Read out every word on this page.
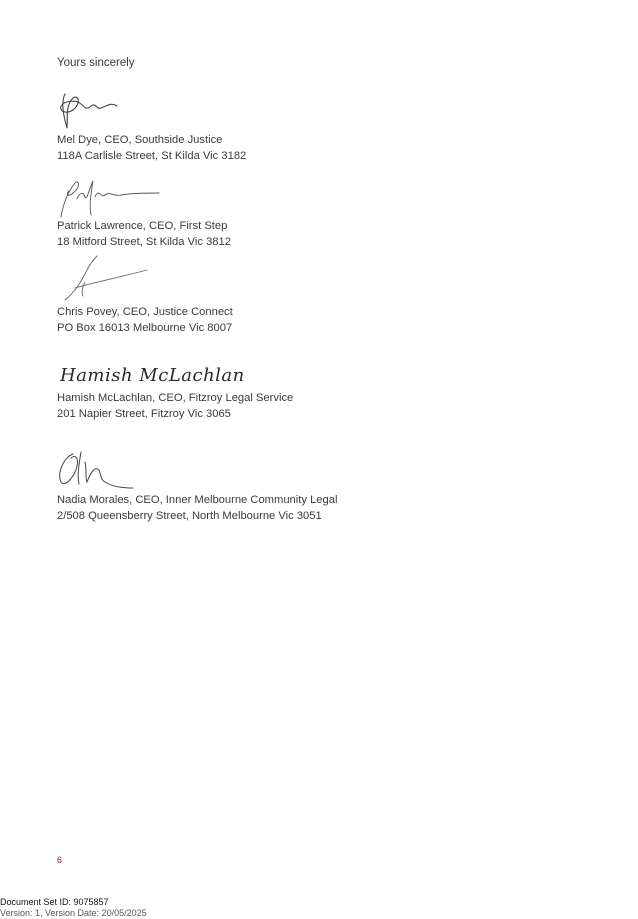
Yours sincerely
Mel Dye, CEO, Southside Justice
118A Carlisle Street, St Kilda Vic 3182
Patrick Lawrence, CEO, First Step
18 Mitford Street, St Kilda Vic 3812
Chris Povey, CEO, Justice Connect
PO Box 16013 Melbourne Vic 8007
Hamish McLachlan
Hamish McLachlan, CEO, Fitzroy Legal Service
201 Napier Street, Fitzroy Vic 3065
Nadia Morales, CEO, Inner Melbourne Community Legal
2/508 Queensberry Street, North Melbourne Vic 3051
6
Document Set ID: 9075857
Version: 1, Version Date: 20/05/2025
